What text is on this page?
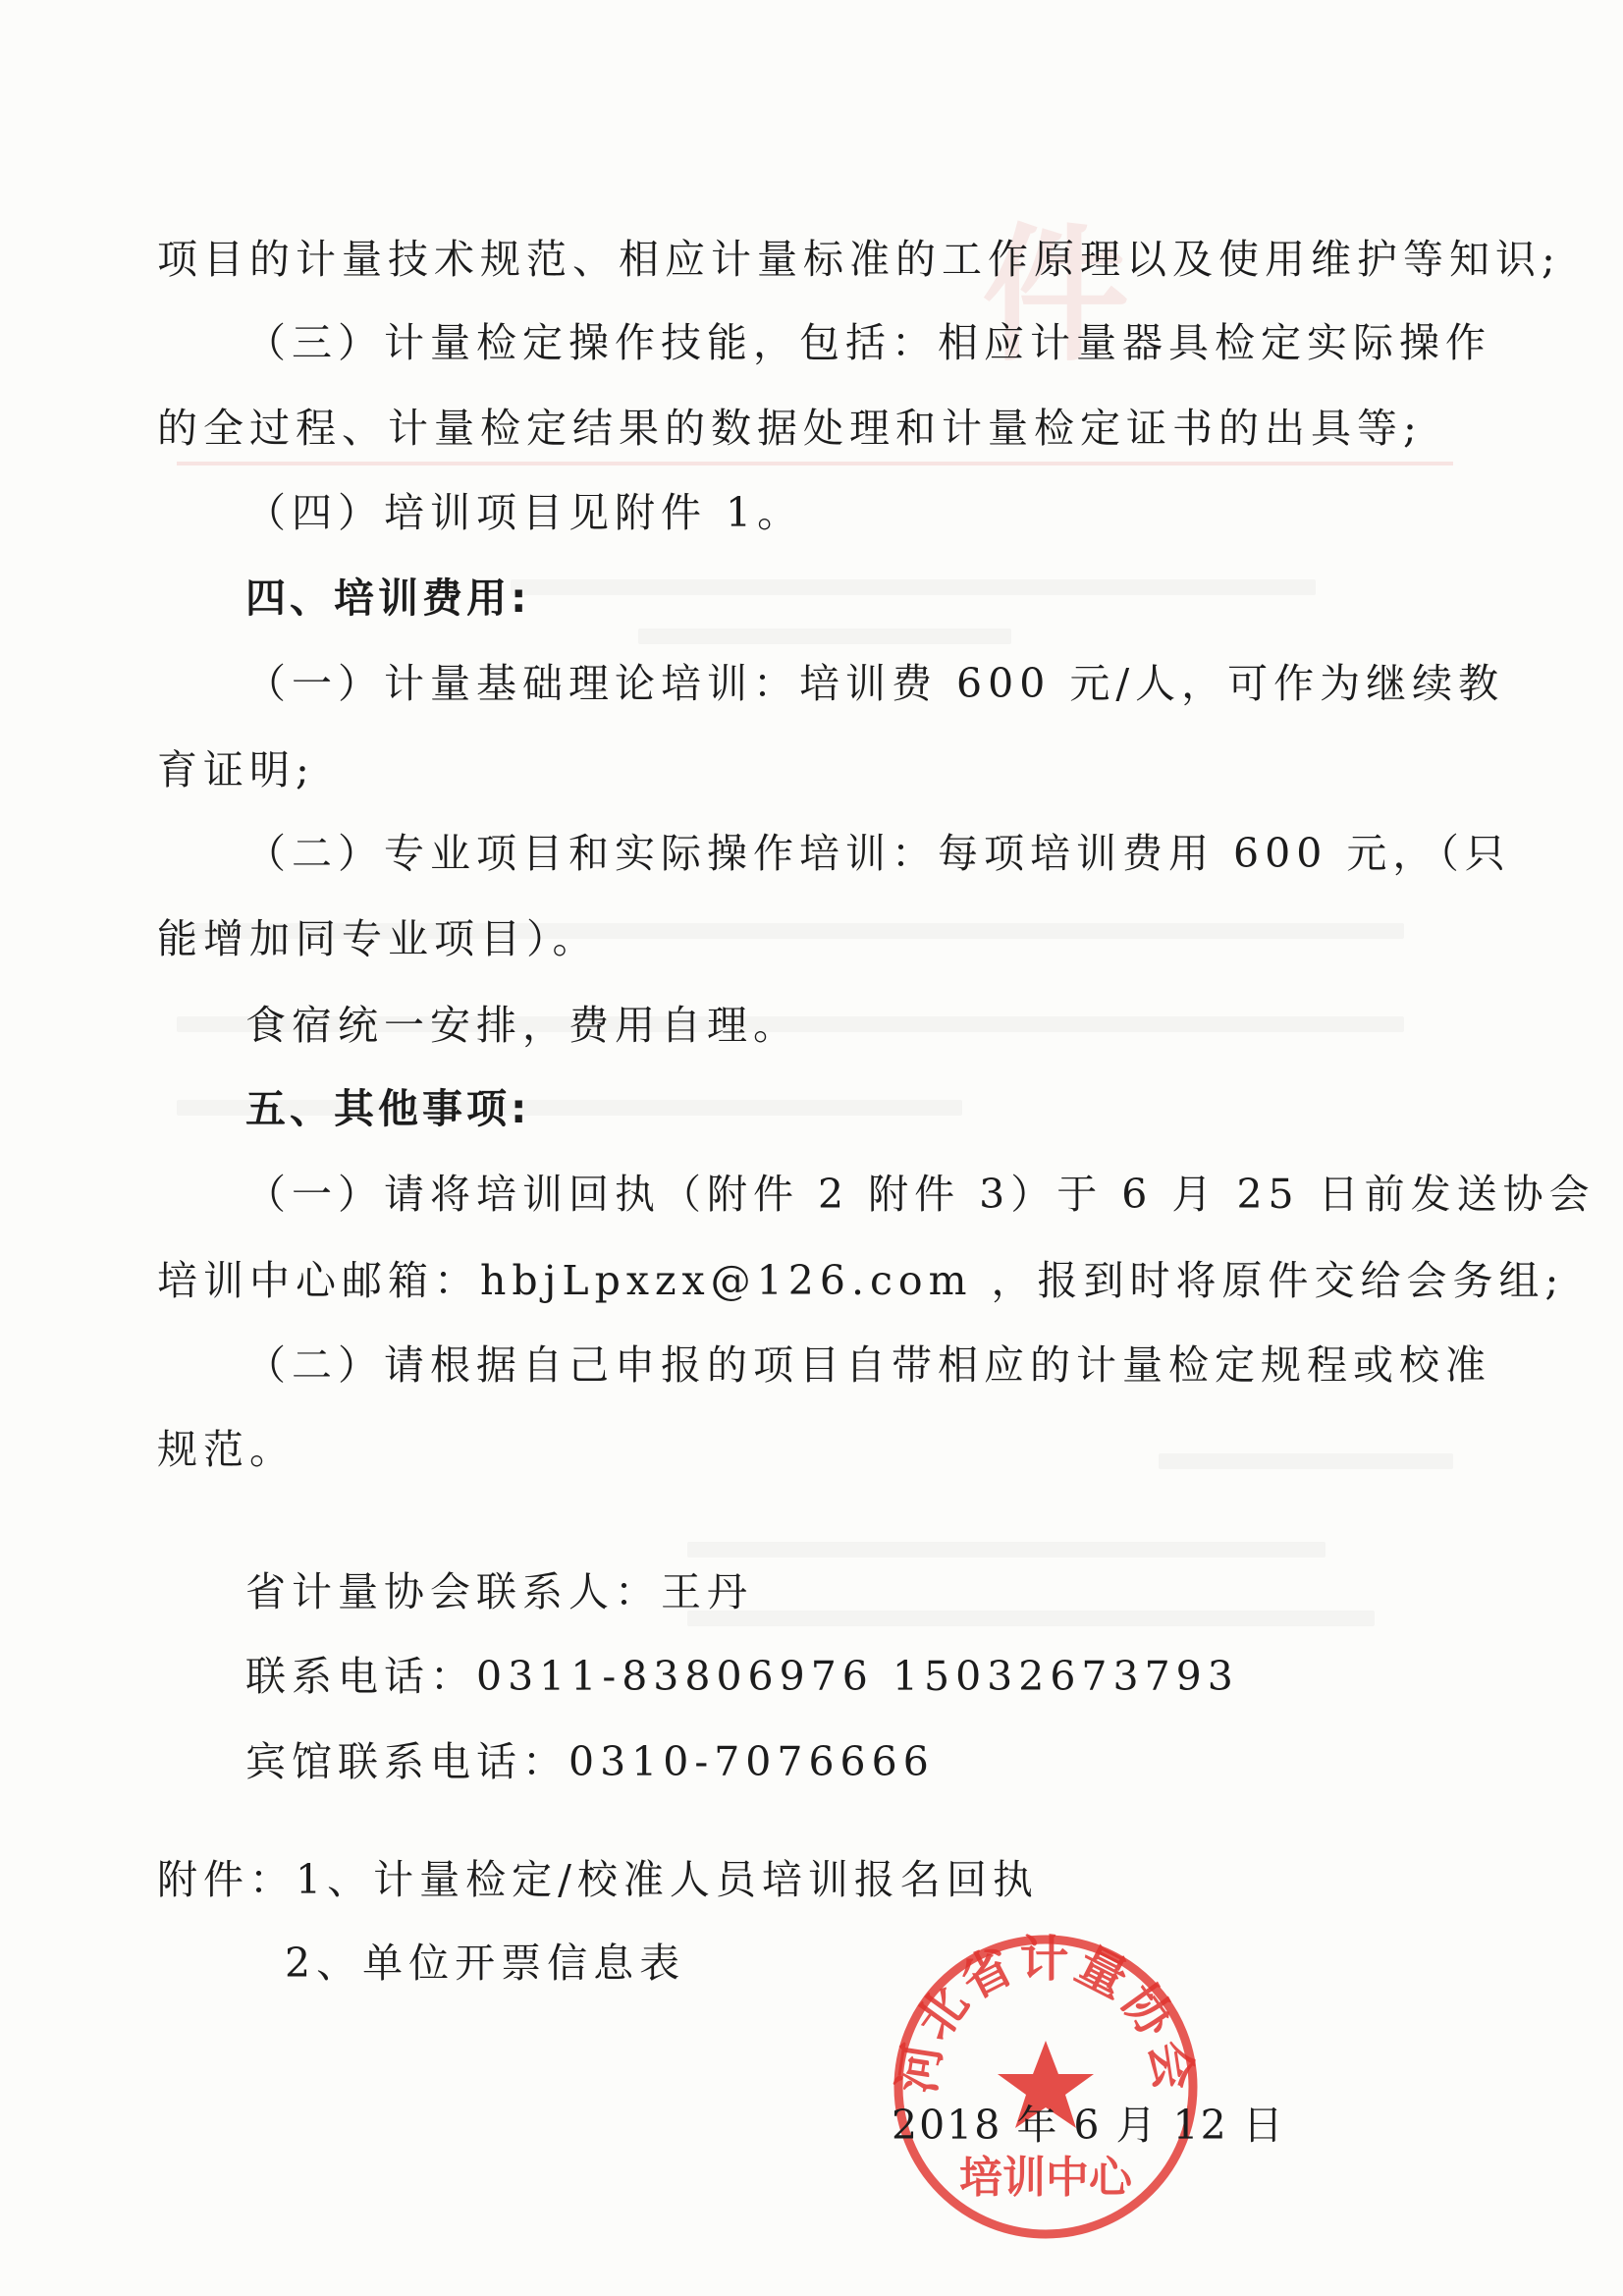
件
项目的计量技术规范、相应计量标准的工作原理以及使用维护等知识;
（三）计量检定操作技能，包括：相应计量器具检定实际操作
的全过程、计量检定结果的数据处理和计量检定证书的出具等;
（四）培训项目见附件 1。
四、培训费用:
（一）计量基础理论培训：培训费 600 元/人，可作为继续教
育证明;
（二）专业项目和实际操作培训：每项培训费用 600 元，（只
能增加同专业项目）。
食宿统一安排，费用自理。
五、其他事项:
（一）请将培训回执（附件 2 附件 3）于 6 月 25 日前发送协会
培训中心邮箱：hbjLpxzx@126.com ，报到时将原件交给会务组;
（二）请根据自己申报的项目自带相应的计量检定规程或校准
规范。
省计量协会联系人：王丹
联系电话：0311-83806976 15032673793
宾馆联系电话：0310-7076666
附件：1、计量检定/校准人员培训报名回执
2、单位开票信息表
河北省计量协会
培训中心
2018 年 6 月 12 日
